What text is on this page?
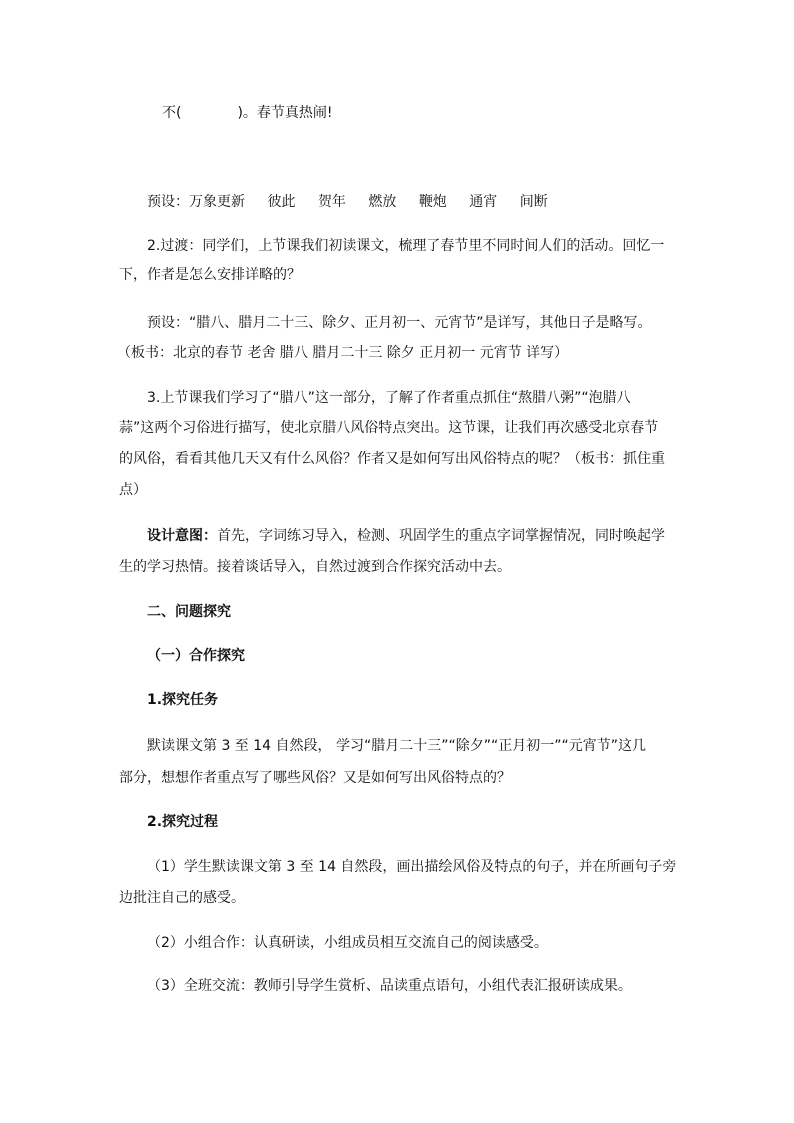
不(	)。春节真热闹!
预设：万象更新 彼此 贺年 燃放 鞭炮 通宵 间断
2.过渡：同学们，上节课我们初读课文，梳理了春节里不同时间人们的活动。回忆一
下，作者是怎么安排详略的？
预设：“腊八、腊月二十三、除夕、正月初一、元宵节”是详写，其他日子是略写。
（板书：北京的春节 老舍 腊八 腊月二十三 除夕 正月初一 元宵节 详写）
3.上节课我们学习了“腊八”这一部分，了解了作者重点抓住“熬腊八粥”“泡腊八
蒜”这两个习俗进行描写，使北京腊八风俗特点突出。这节课，让我们再次感受北京春节
的风俗，看看其他几天又有什么风俗？作者又是如何写出风俗特点的呢？（板书：抓住重
点）
设计意图：首先，字词练习导入，检测、巩固学生的重点字词掌握情况，同时唤起学
生的学习热情。接着谈话导入，自然过渡到合作探究活动中去。
二、问题探究
（一）合作探究
1.探究任务
默读课文第 3 至 14 自然段， 学习“腊月二十三”“除夕”“正月初一”“元宵节”这几
部分，想想作者重点写了哪些风俗？又是如何写出风俗特点的？
2.探究过程
（1）学生默读课文第 3 至 14 自然段，画出描绘风俗及特点的句子，并在所画句子旁
边批注自己的感受。
（2）小组合作：认真研读，小组成员相互交流自己的阅读感受。
（3）全班交流：教师引导学生赏析、品读重点语句，小组代表汇报研读成果。
